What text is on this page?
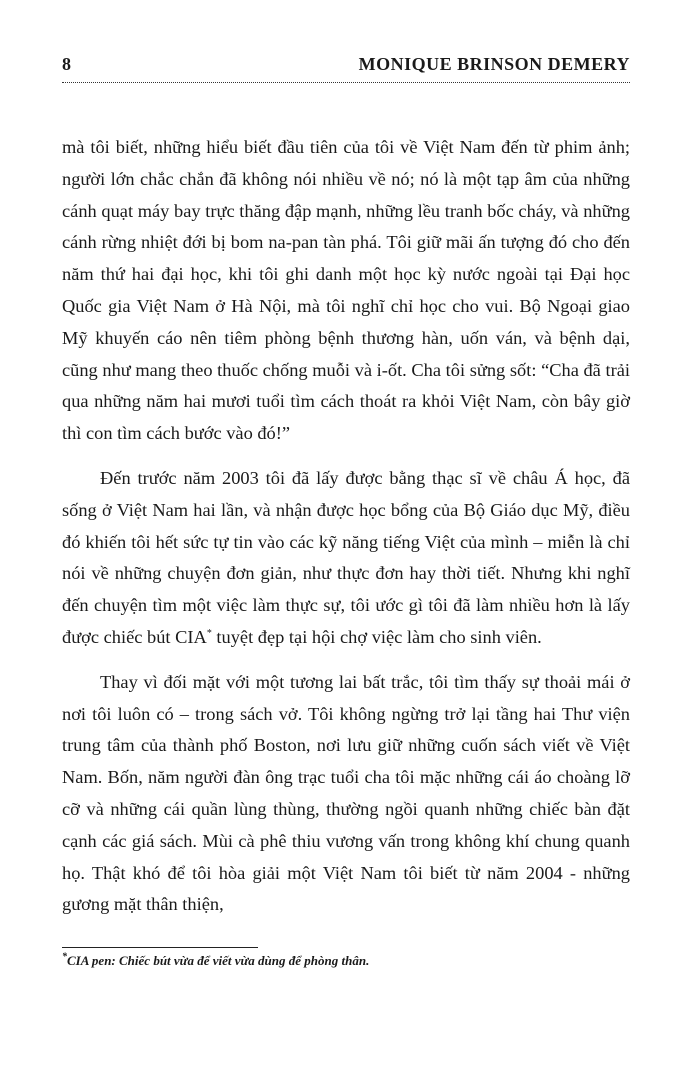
8	MONIQUE BRINSON DEMERY

mà tôi biết, những hiểu biết đầu tiên của tôi về Việt Nam đến từ phim ảnh; người lớn chắc chắn đã không nói nhiều về nó; nó là một tạp âm của những cánh quạt máy bay trực thăng đập mạnh, những lều tranh bốc cháy, và những cánh rừng nhiệt đới bị bom na-pan tàn phá. Tôi giữ mãi ấn tượng đó cho đến năm thứ hai đại học, khi tôi ghi danh một học kỳ nước ngoài tại Đại học Quốc gia Việt Nam ở Hà Nội, mà tôi nghĩ chỉ học cho vui. Bộ Ngoại giao Mỹ khuyến cáo nên tiêm phòng bệnh thương hàn, uốn ván, và bệnh dại, cũng như mang theo thuốc chống muỗi và i-ốt. Cha tôi sửng sốt: “Cha đã trải qua những năm hai mươi tuổi tìm cách thoát ra khỏi Việt Nam, còn bây giờ thì con tìm cách bước vào đó!”

Đến trước năm 2003 tôi đã lấy được bằng thạc sĩ về châu Á học, đã sống ở Việt Nam hai lần, và nhận được học bổng của Bộ Giáo dục Mỹ, điều đó khiến tôi hết sức tự tin vào các kỹ năng tiếng Việt của mình – miễn là chỉ nói về những chuyện đơn giản, như thực đơn hay thời tiết. Nhưng khi nghĩ đến chuyện tìm một việc làm thực sự, tôi ước gì tôi đã làm nhiều hơn là lấy được chiếc bút CIA* tuyệt đẹp tại hội chợ việc làm cho sinh viên.

Thay vì đối mặt với một tương lai bất trắc, tôi tìm thấy sự thoải mái ở nơi tôi luôn có – trong sách vở. Tôi không ngừng trở lại tầng hai Thư viện trung tâm của thành phố Boston, nơi lưu giữ những cuốn sách viết về Việt Nam. Bốn, năm người đàn ông trạc tuổi cha tôi mặc những cái áo choàng lỡ cỡ và những cái quần lùng thùng, thường ngồi quanh những chiếc bàn đặt cạnh các giá sách. Mùi cà phê thiu vương vấn trong không khí chung quanh họ. Thật khó để tôi hòa giải một Việt Nam tôi biết từ năm 2004 - những gương mặt thân thiện,

*CIA pen: Chiếc bút vừa để viết vừa dùng để phòng thân.
